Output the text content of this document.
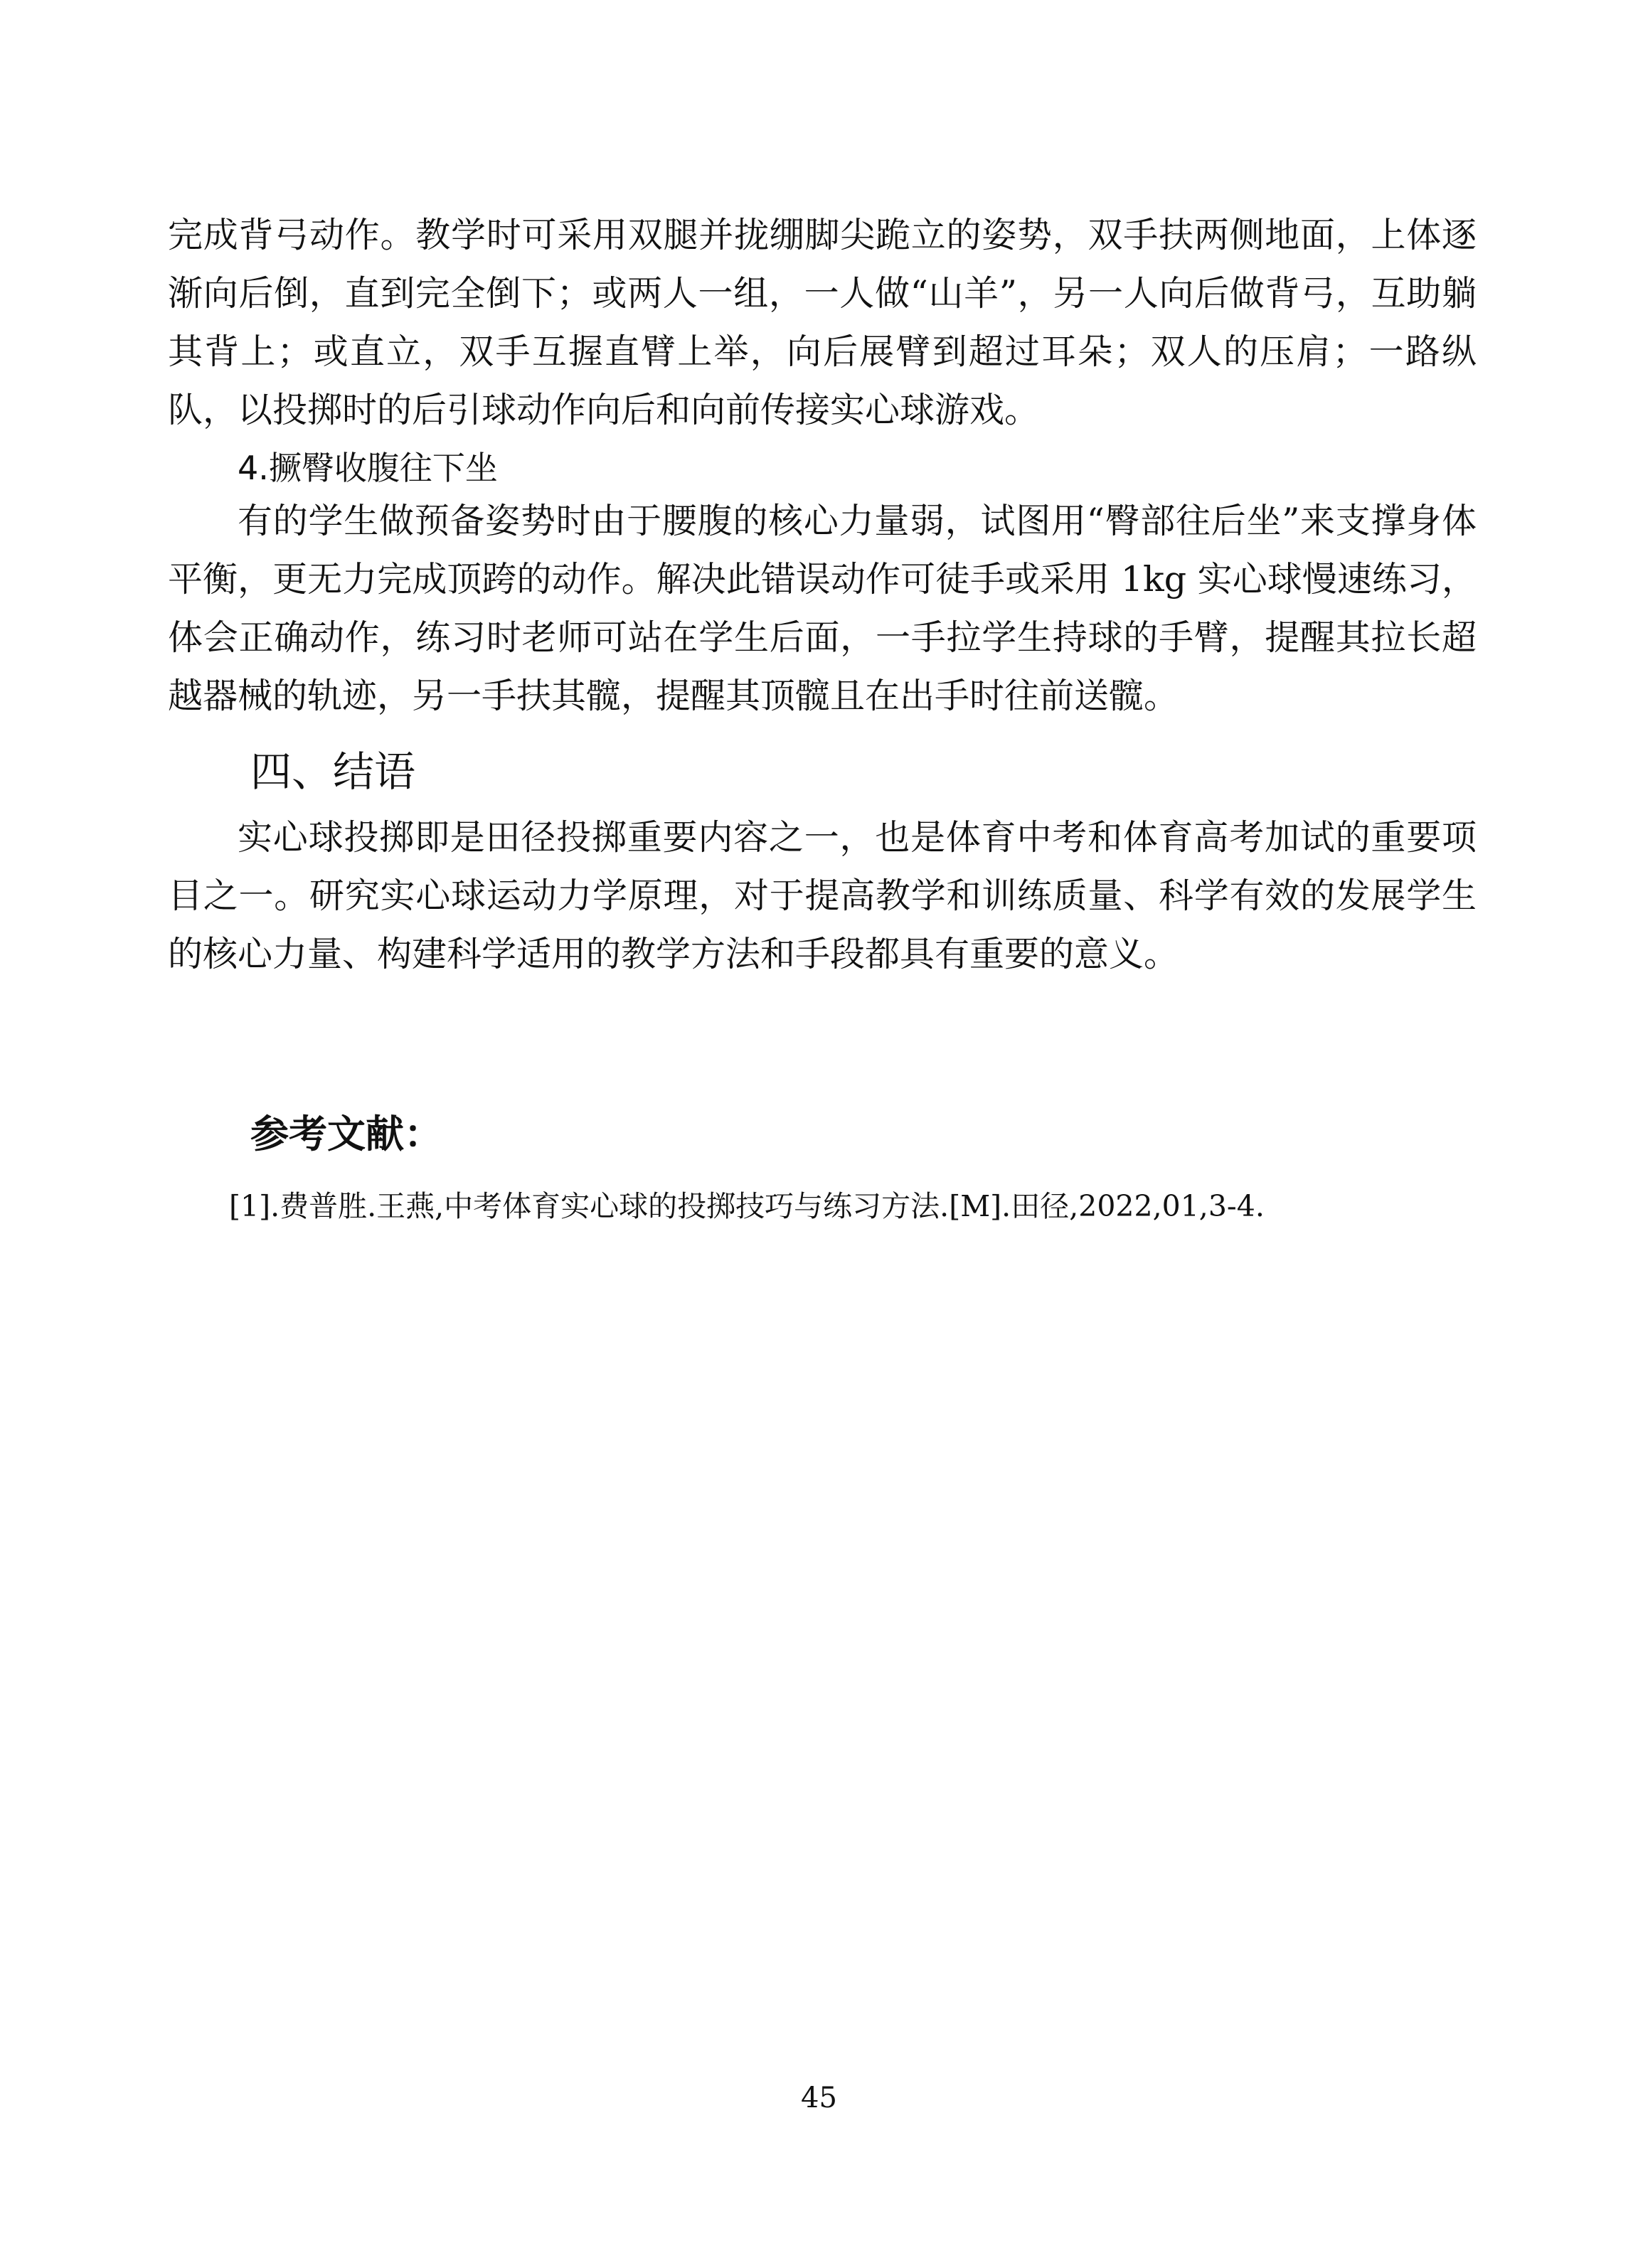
完成背弓动作。教学时可采用双腿并拢绷脚尖跪立的姿势，双手扶两侧地面，上体逐渐向后倒，直到完全倒下；或两人一组，一人做“山羊”，另一人向后做背弓，互助躺其背上；或直立，双手互握直臂上举，向后展臂到超过耳朵；双人的压肩；一路纵队，以投掷时的后引球动作向后和向前传接实心球游戏。

4.撅臀收腹往下坐

有的学生做预备姿势时由于腰腹的核心力量弱，试图用“臀部往后坐”来支撑身体平衡，更无力完成顶跨的动作。解决此错误动作可徒手或采用 1kg 实心球慢速练习，体会正确动作，练习时老师可站在学生后面，一手拉学生持球的手臂，提醒其拉长超越器械的轨迹，另一手扶其髋，提醒其顶髋且在出手时往前送髋。

四、结语

实心球投掷即是田径投掷重要内容之一，也是体育中考和体育高考加试的重要项目之一。研究实心球运动力学原理，对于提高教学和训练质量、科学有效的发展学生的核心力量、构建科学适用的教学方法和手段都具有重要的意义。

参考文献：

[1].费普胜.王燕,中考体育实心球的投掷技巧与练习方法.[M].田径,2022,01,3-4.

45
